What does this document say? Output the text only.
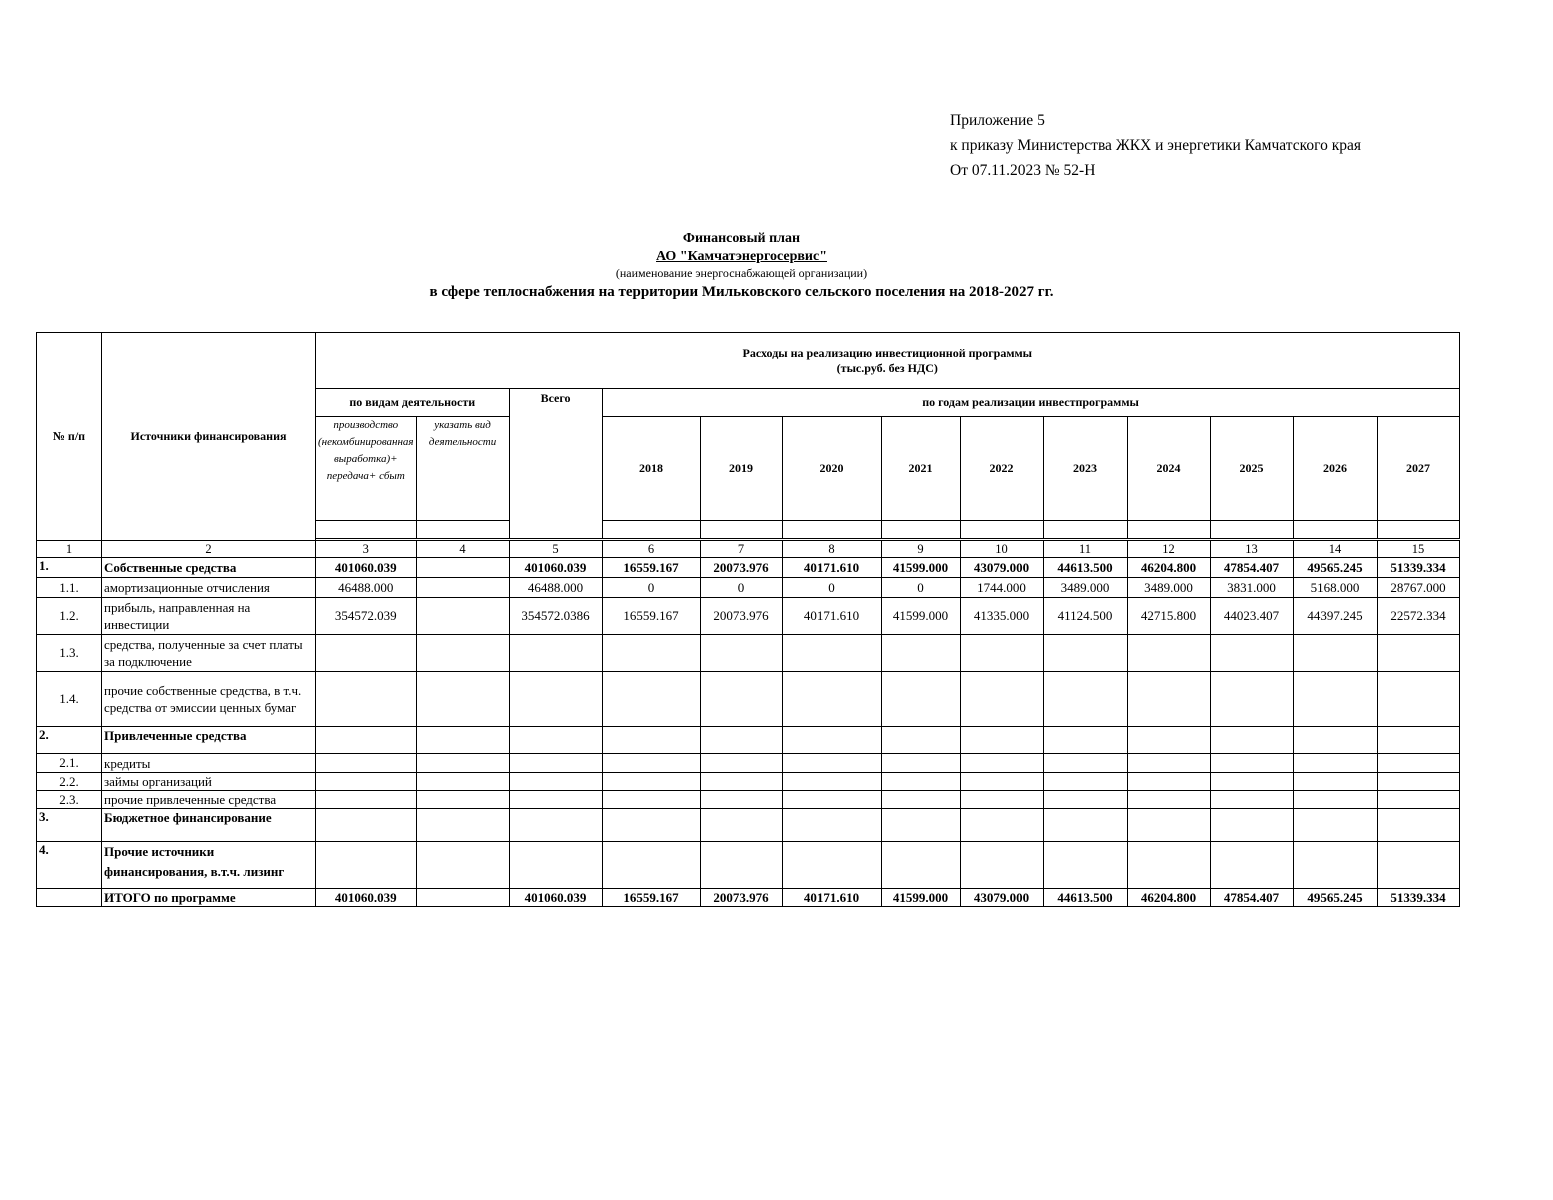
Приложение 5
к приказу Министерства ЖКХ и энергетики Камчатского края
От 07.11.2023 № 52-Н
Финансовый план
АО "Камчатэнергосервис"
(наименование энергоснабжающей организации)
в сфере теплоснабжения на территории Мильковского сельского поселения на 2018-2027 гг.
№ п/п	Источники финансирования	Расходы на реализацию инвестиционной программы
(тыс.руб. без НДС)												

		по видам деятельности		Всего	по годам реализации инвестпрограммы									
		производство (некомбинированная выработка)+ передача+ сбыт	указать вид деятельности		2018	2019	2020	2021	2022	2023	2024	2025	2026	2027

1	2	3	4	5	6	7	8	9	10	11	12	13	14	15
1.	Собственные средства	401060.039		401060.039	16559.167	20073.976	40171.610	41599.000	43079.000	44613.500	46204.800	47854.407	49565.245	51339.334
1.1.	амортизационные отчисления	46488.000		46488.000	0	0	0	0	1744.000	3489.000	3489.000	3831.000	5168.000	28767.000
1.2.	прибыль, направленная на инвестиции	354572.039		354572.0386	16559.167	20073.976	40171.610	41599.000	41335.000	41124.500	42715.800	44023.407	44397.245	22572.334
1.3.	средства, полученные за счет платы за подключение													
1.4.	прочие собственные средства, в т.ч. средства от эмиссии ценных бумаг													
2.	Привлеченные средства													
2.1.	кредиты													
2.2.	займы организаций													
2.3.	прочие привлеченные средства													
3.	Бюджетное финансирование													
4.	Прочие источники финансирования, в.т.ч. лизинг													
	ИТОГО по программе	401060.039		401060.039	16559.167	20073.976	40171.610	41599.000	43079.000	44613.500	46204.800	47854.407	49565.245	51339.334
